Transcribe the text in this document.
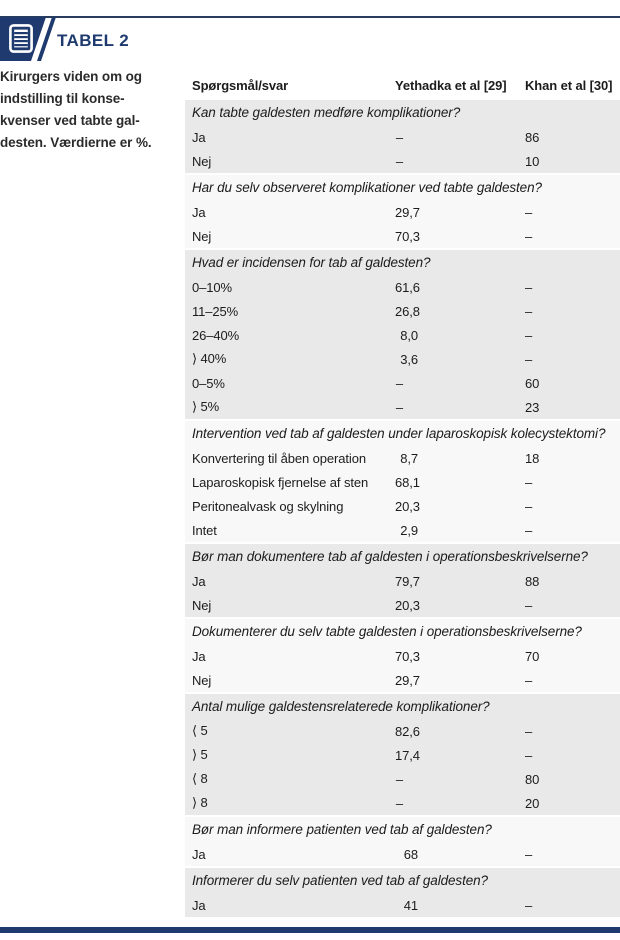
TABEL 2
Kirurgers viden om og
indstilling til konse-
kvenser ved tabte gal-
desten. Værdierne er %.
Spørgsmål/svar	Yethadka et al [29]	Khan et al [30]
Kan tabte galdesten medføre komplikationer?
Ja	–	86
Nej	–	10
Har du selv observeret komplikationer ved tabte galdesten?
Ja	29,7	–
Nej	70,3	–
Hvad er incidensen for tab af galdesten?
0–10%	61,6	–
11–25%	26,8	–
26–40%	8,0	–
⟩ 40%	3,6	–
0–5%	–	60
⟩ 5%	–	23
Intervention ved tab af galdesten under laparoskopisk kolecystektomi?
Konvertering til åben operation	8,7	18
Laparoskopisk fjernelse af sten	68,1	–
Peritonealvask og skylning	20,3	–
Intet	2,9	–
Bør man dokumentere tab af galdesten i operationsbeskrivelserne?
Ja	79,7	88
Nej	20,3	–
Dokumenterer du selv tabte galdesten i operationsbeskrivelserne?
Ja	70,3	70
Nej	29,7	–
Antal mulige galdestensrelaterede komplikationer?
⟨ 5	82,6	–
⟩ 5	17,4	–
⟨ 8	–	80
⟩ 8	–	20
Bør man informere patienten ved tab af galdesten?
Ja	68	–
Informerer du selv patienten ved tab af galdesten?
Ja	41	–
